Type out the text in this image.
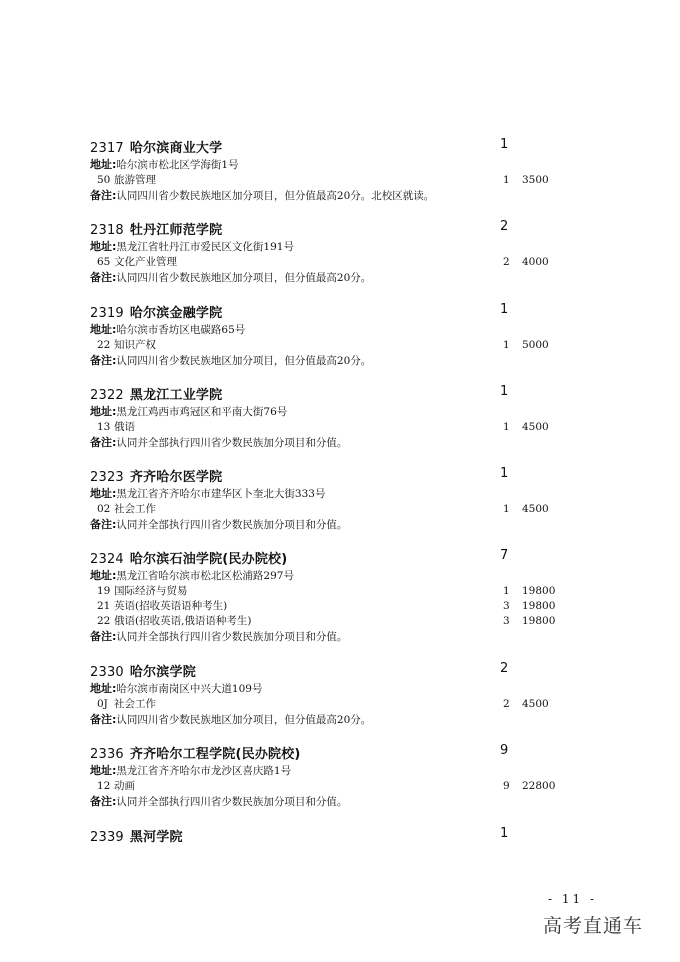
2317 哈尔滨商业大学	1
地址:哈尔滨市松北区学海街1号
50 旅游管理	1 3500
备注:认同四川省少数民族地区加分项目，但分值最高20分。北校区就读。
2318 牡丹江师范学院	2
地址:黑龙江省牡丹江市爱民区文化街191号
65 文化产业管理	2 4000
备注:认同四川省少数民族地区加分项目，但分值最高20分。
2319 哈尔滨金融学院	1
地址:哈尔滨市香坊区电碳路65号
22 知识产权	1 5000
备注:认同四川省少数民族地区加分项目，但分值最高20分。
2322 黑龙江工业学院	1
地址:黑龙江鸡西市鸡冠区和平南大街76号
13 俄语	1 4500
备注:认同并全部执行四川省少数民族加分项目和分值。
2323 齐齐哈尔医学院	1
地址:黑龙江省齐齐哈尔市建华区卜奎北大街333号
02 社会工作	1 4500
备注:认同并全部执行四川省少数民族加分项目和分值。
2324 哈尔滨石油学院(民办院校)	7
地址:黑龙江省哈尔滨市松北区松浦路297号
19 国际经济与贸易	1 19800
21 英语(招收英语语种考生)	3 19800
22 俄语(招收英语,俄语语种考生)	3 19800
备注:认同并全部执行四川省少数民族加分项目和分值。
2330 哈尔滨学院	2
地址:哈尔滨市南岗区中兴大道109号
0J 社会工作	2 4500
备注:认同四川省少数民族地区加分项目，但分值最高20分。
2336 齐齐哈尔工程学院(民办院校)	9
地址:黑龙江省齐齐哈尔市龙沙区喜庆路1号
12 动画	9 22800
备注:认同并全部执行四川省少数民族加分项目和分值。
2339 黑河学院	1
- 11 -
高考直通车
